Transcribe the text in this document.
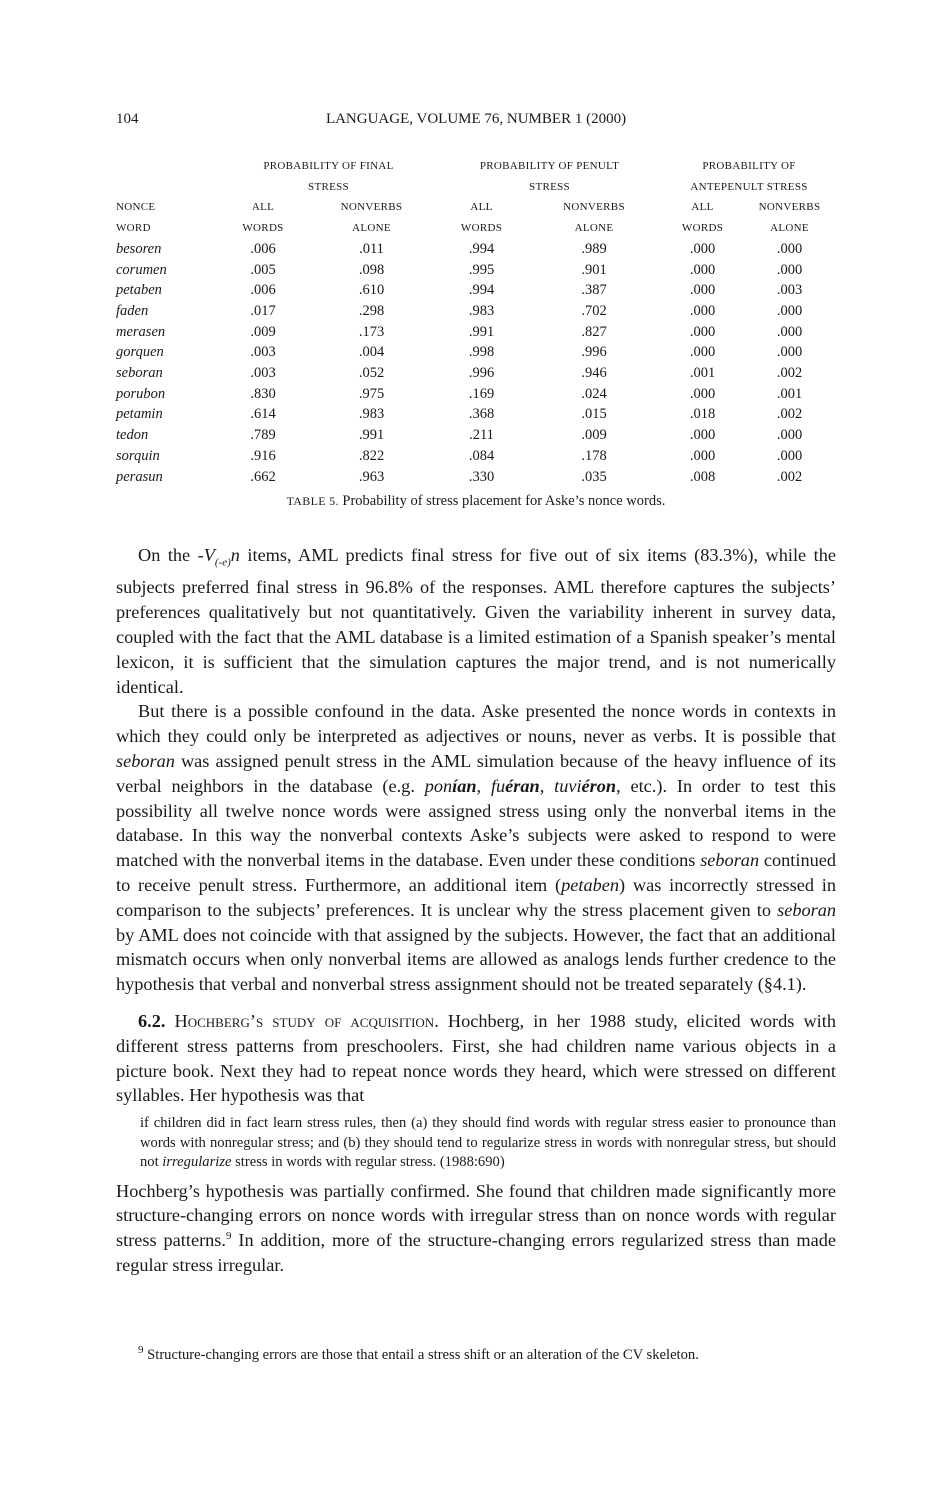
104	LANGUAGE, VOLUME 76, NUMBER 1 (2000)
	PROBABILITY OF FINAL		PROBABILITY OF PENULT		PROBABILITY OF	
	STRESS		STRESS		ANTEPENULT STRESS	
NONCE	ALL	NONVERBS	ALL	NONVERBS	ALL	NONVERBS
WORD	WORDS	ALONE	WORDS	ALONE	WORDS	ALONE
besoren	.006	.011	.994	.989	.000	.000
corumen	.005	.098	.995	.901	.000	.000
petaben	.006	.610	.994	.387	.000	.003
faden	.017	.298	.983	.702	.000	.000
merasen	.009	.173	.991	.827	.000	.000
gorquen	.003	.004	.998	.996	.000	.000
seboran	.003	.052	.996	.946	.001	.002
porubon	.830	.975	.169	.024	.000	.001
petamin	.614	.983	.368	.015	.018	.002
tedon	.789	.991	.211	.009	.000	.000
sorquin	.916	.822	.084	.178	.000	.000
perasun	.662	.963	.330	.035	.008	.002
TABLE 5. Probability of stress placement for Aske’s nonce words.

On the $-V_{(-e)}n$ items, AML predicts final stress for five out of six items (83.3%), while the subjects preferred final stress in 96.8% of the responses. AML therefore captures the subjects’ preferences qualitatively but not quantitatively. Given the variability inherent in survey data, coupled with the fact that the AML database is a limited estimation of a Spanish speaker’s mental lexicon, it is sufficient that the simulation captures the major trend, and is not numerically identical.

But there is a possible confound in the data. Aske presented the nonce words in contexts in which they could only be interpreted as adjectives or nouns, never as verbs. It is possible that seboran was assigned penult stress in the AML simulation because of the heavy influence of its verbal neighbors in the database (e.g. ponían, fuéran, tuviéron, etc.). In order to test this possibility all twelve nonce words were assigned stress using only the nonverbal items in the database. In this way the nonverbal contexts Aske’s subjects were asked to respond to were matched with the nonverbal items in the database. Even under these conditions seboran continued to receive penult stress. Furthermore, an additional item (petaben) was incorrectly stressed in comparison to the subjects’ preferences. It is unclear why the stress placement given to seboran by AML does not coincide with that assigned by the subjects. However, the fact that an additional mismatch occurs when only nonverbal items are allowed as analogs lends further credence to the hypothesis that verbal and nonverbal stress assignment should not be treated separately (§4.1).

6.2. Hochberg’s study of acquisition. Hochberg, in her 1988 study, elicited words with different stress patterns from preschoolers. First, she had children name various objects in a picture book. Next they had to repeat nonce words they heard, which were stressed on different syllables. Her hypothesis was that

if children did in fact learn stress rules, then (a) they should find words with regular stress easier to pronounce than words with nonregular stress; and (b) they should tend to regularize stress in words with nonregular stress, but should not irregularize stress in words with regular stress. (1988:690)

Hochberg’s hypothesis was partially confirmed. She found that children made significantly more structure-changing errors on nonce words with irregular stress than on nonce words with regular stress patterns.$^9$ In addition, more of the structure-changing errors regularized stress than made regular stress irregular.

$^9$ Structure-changing errors are those that entail a stress shift or an alteration of the CV skeleton.
